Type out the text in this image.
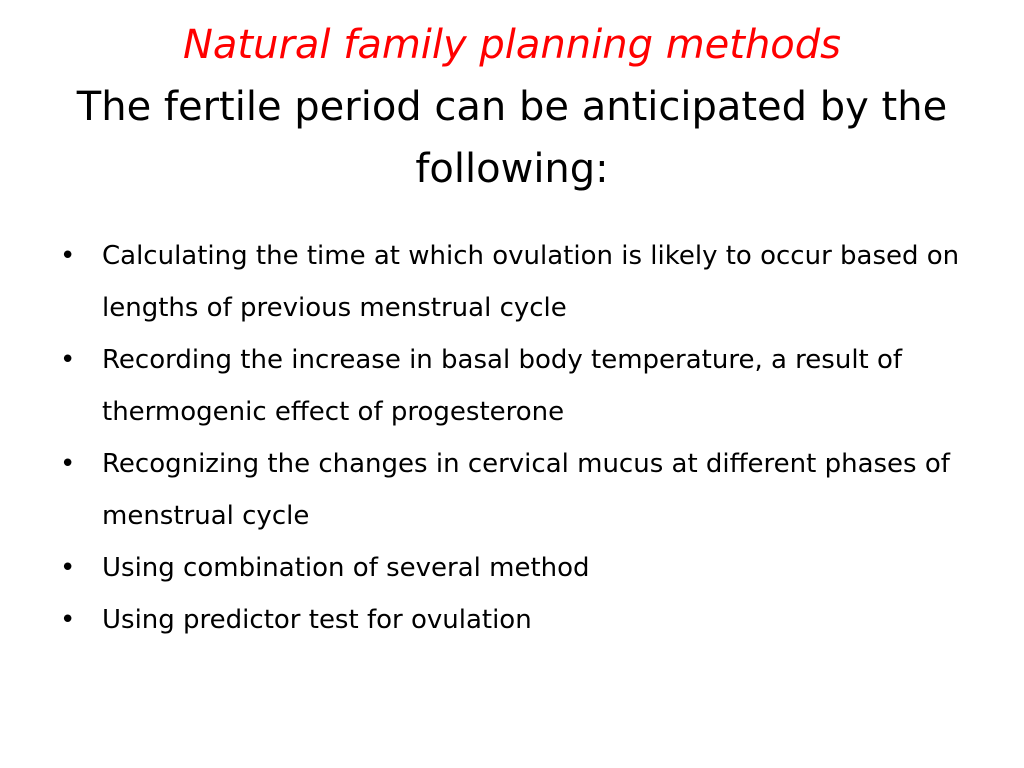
Natural family planning methods
The fertile period can be anticipated by the following:
• Calculating the time at which ovulation is likely to occur based on lengths of previous menstrual cycle
• Recording the increase in basal body temperature, a result of thermogenic effect of progesterone
• Recognizing the changes in cervical mucus at different phases of menstrual cycle
• Using combination of several method
• Using predictor test for ovulation
